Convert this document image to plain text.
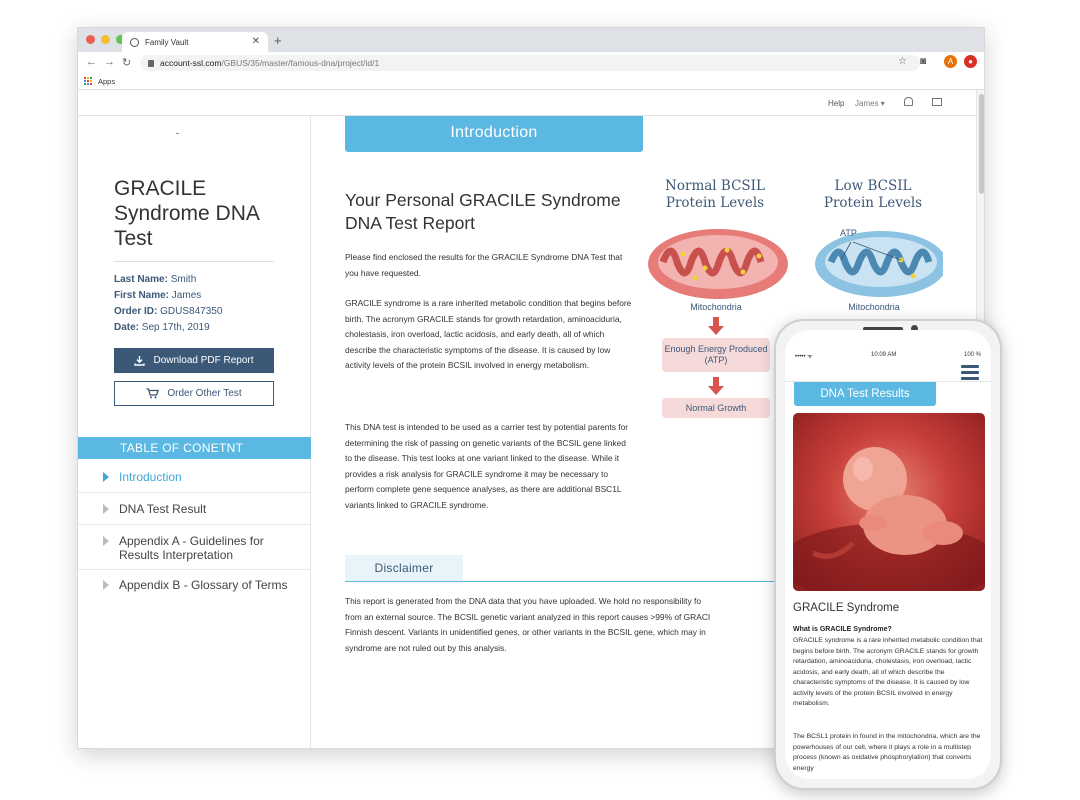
Family Vault	✕ +
← → ↻	account-ssl.com /GBUS/35/master/famous-dna/project/id/1	☆ ◙	A	●
Apps
Help James ▾
-
GRACILE Syndrome DNA Test
Last Name: Smith
First Name: James
Order ID: GDUS847350
Date: Sep 17th, 2019
Download PDF Report
Order Other Test
TABLE OF CONETNT
Introduction
DNA Test Result
Appendix A - Guidelines for Results Interpretation
Appendix B - Glossary of Terms
Introduction
Your Personal GRACILE Syndrome DNA Test Report
Please find enclosed the results for the GRACILE Syndrome DNA Test that you have requested.
GRACILE syndrome is a rare inherited metabolic condition that begins before birth. The acronym GRACILE stands for growth retardation, aminoaciduria, cholestasis, iron overload, lactic acidosis, and early death, all of which describe the characteristic symptoms of the disease. It is caused by low activity levels of the protein BCSIL involved in energy metabolism.
This DNA test is intended to be used as a carrier test by potential parents for determining the risk of passing on genetic variants of the BCSIL gene linked to the disease. This test looks at one variant linked to the disease. While it provides a risk analysis for GRACILE syndrome it may be necessary to perform complete gene sequence analyses, as there are additional BSC1L variants linked to GRACILE syndrome.
Normal BCSIL Protein Levels
Low BCSIL Protein Levels
ATP
Mitochondria	Mitochondria
Enough Energy Produced (ATP)
Normal Growth
Disclaimer
This report is generated from the DNA data that you have uploaded. We hold no responsibility fo
from an external source. The BCSIL genetic variant analyzed in this report causes >99% of GRACI
Finnish descent. Variants in unidentified genes, or other variants in the BCSIL gene, which may in
syndrome are not ruled out by this analysis.
••••• ᯤ	10:09 AM	100 %
DNA Test Results
GRACILE Syndrome
What is GRACILE Syndrome?
GRACILE syndrome is a rare inherited metabolic condition that begins before birth. The acronym GRACILE stands for growth retardation, aminoaciduria, cholestasis, iron overload, lactic acidosis, and early death, all of which describe the characteristic symptoms of the disease. It is caused by low activity levels of the protein BCSIL involved in energy metabolism.
The BCSL1 protein in found in the mitochondria, which are the powerhouses of our cell, where it plays a role in a multistep process (known as oxidative phosphorylation) that converts energy
